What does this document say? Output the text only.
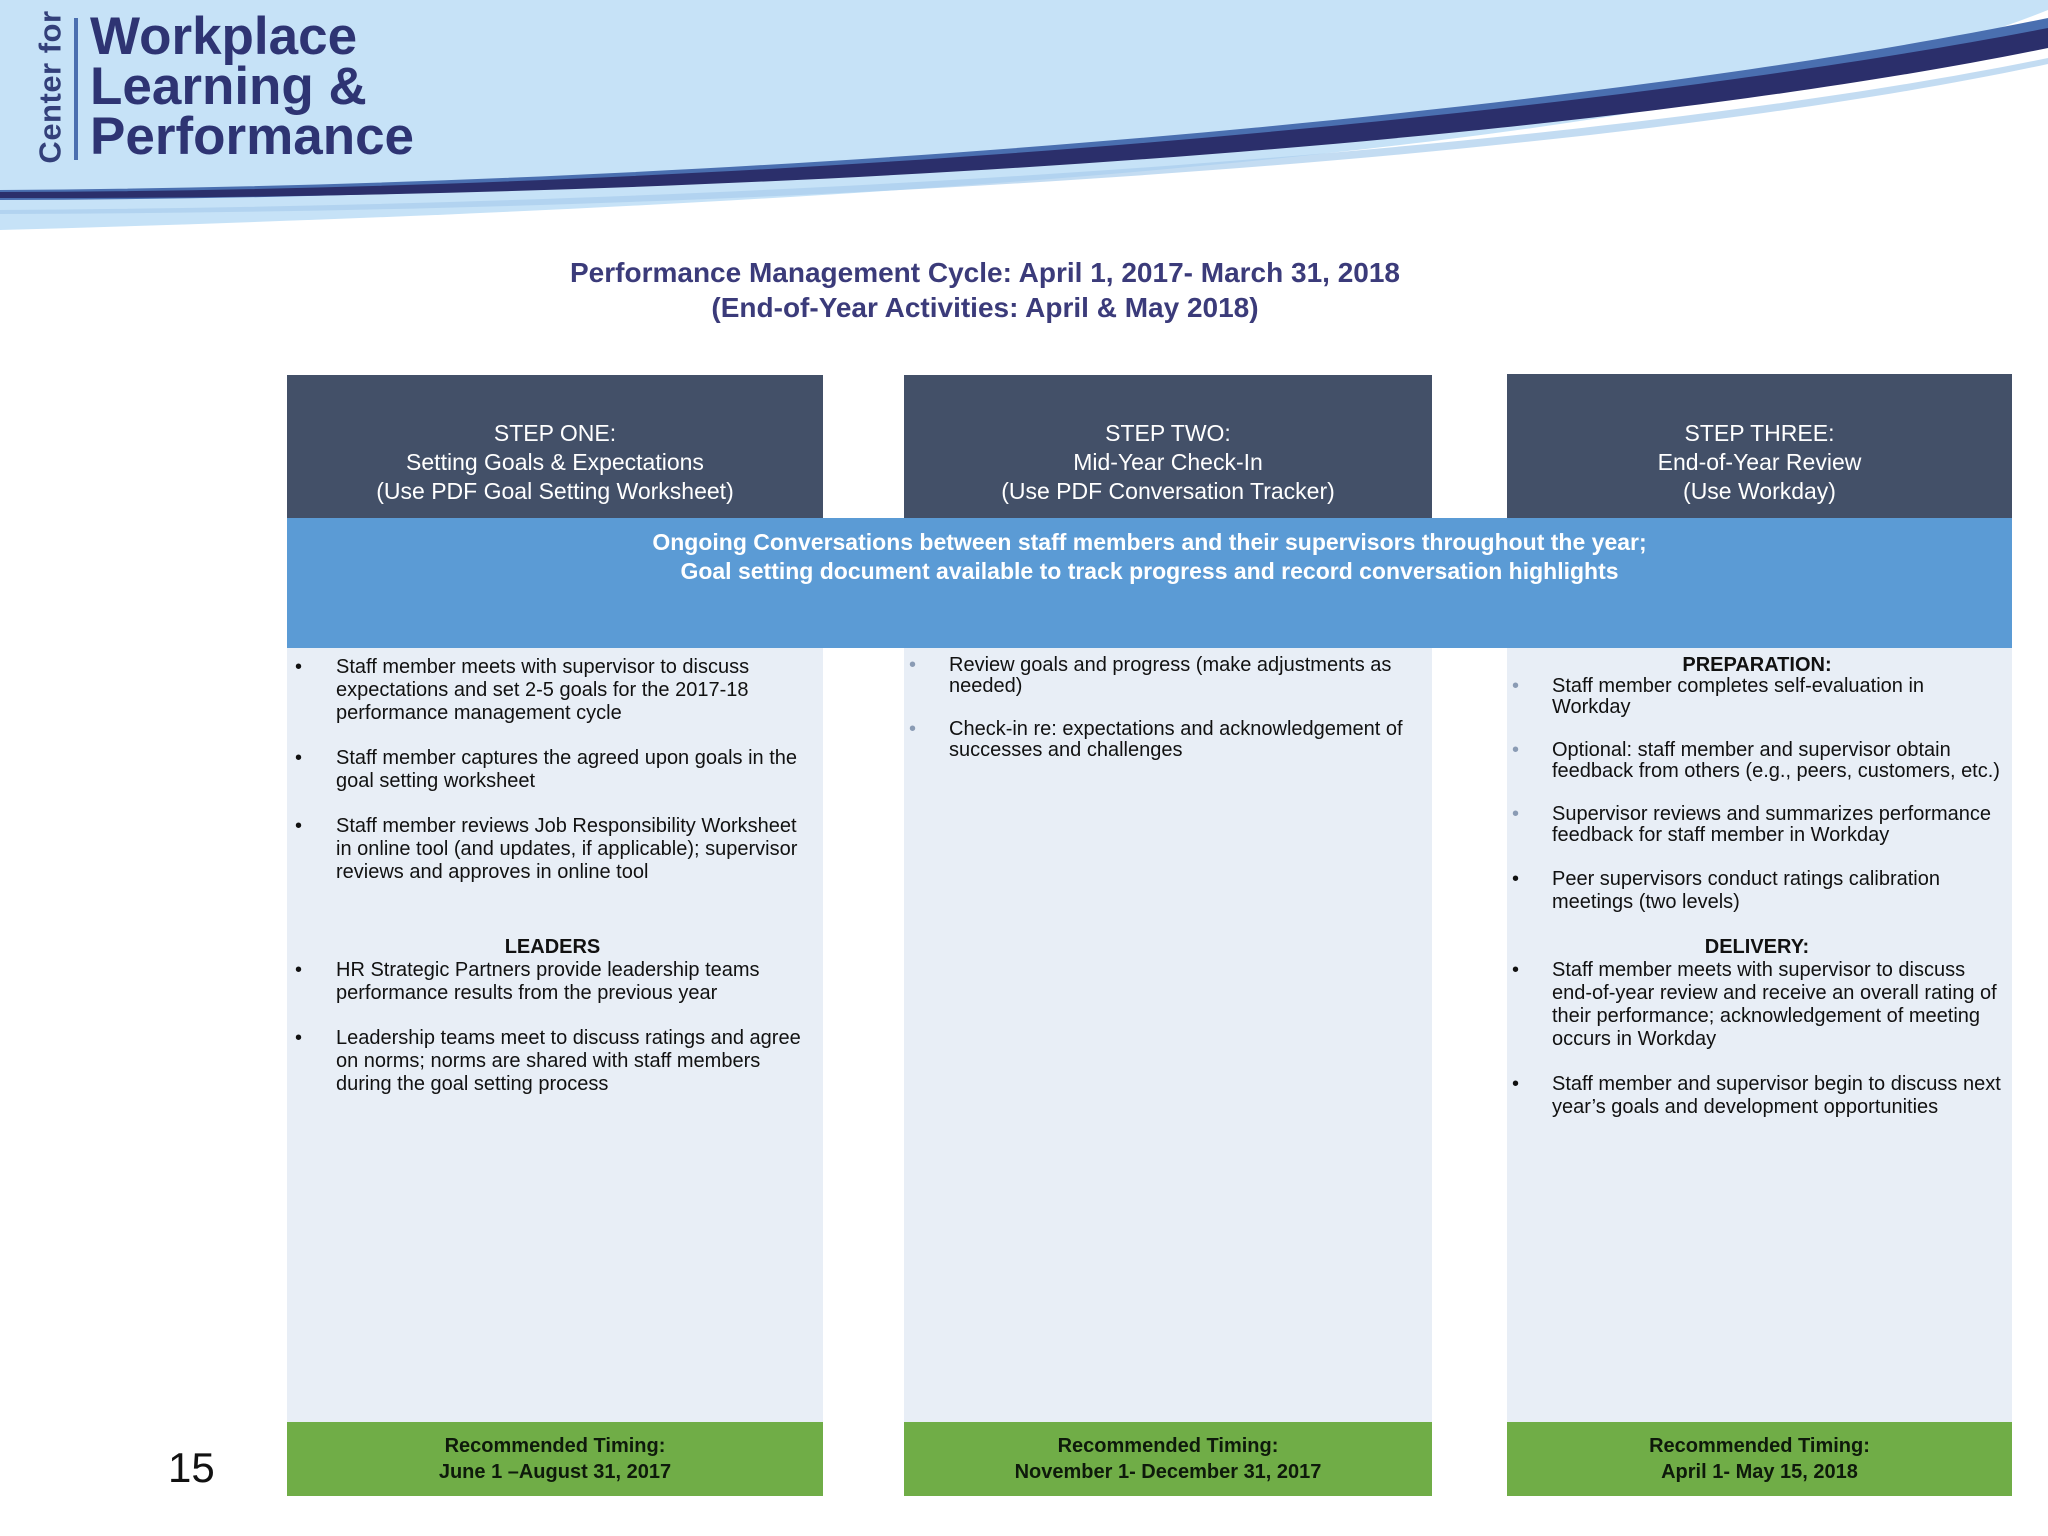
Center for Workplace
Learning &
Performance
Performance Management Cycle: April 1, 2017- March 31, 2018
(End-of-Year Activities: April & May 2018)
STEP ONE:
Setting Goals & Expectations
(Use PDF Goal Setting Worksheet)
STEP TWO:
Mid-Year Check-In
(Use PDF Conversation Tracker)
STEP THREE:
End-of-Year Review
(Use Workday)
Ongoing Conversations between staff members and their supervisors throughout the year;
Goal setting document available to track progress and record conversation highlights
• Staff member meets with supervisor to discuss expectations and set 2-5 goals for the 2017-18 performance management cycle
• Staff member captures the agreed upon goals in the goal setting worksheet
• Staff member reviews Job Responsibility Worksheet in online tool (and updates, if applicable); supervisor reviews and approves in online tool
LEADERS
• HR Strategic Partners provide leadership teams performance results from the previous year
• Leadership teams meet to discuss ratings and agree on norms; norms are shared with staff members during the goal setting process
• Review goals and progress (make adjustments as needed)
• Check-in re: expectations and acknowledgement of successes and challenges
PREPARATION:
• Staff member completes self-evaluation in Workday
• Optional: staff member and supervisor obtain feedback from others (e.g., peers, customers, etc.)
• Supervisor reviews and summarizes performance feedback for staff member in Workday
• Peer supervisors conduct ratings calibration meetings (two levels)
DELIVERY:
• Staff member meets with supervisor to discuss end-of-year review and receive an overall rating of their performance; acknowledgement of meeting occurs in Workday
• Staff member and supervisor begin to discuss next year’s goals and development opportunities
Recommended Timing:
June 1 –August 31, 2017
Recommended Timing:
November 1- December 31, 2017
Recommended Timing:
April 1- May 15, 2018
15
